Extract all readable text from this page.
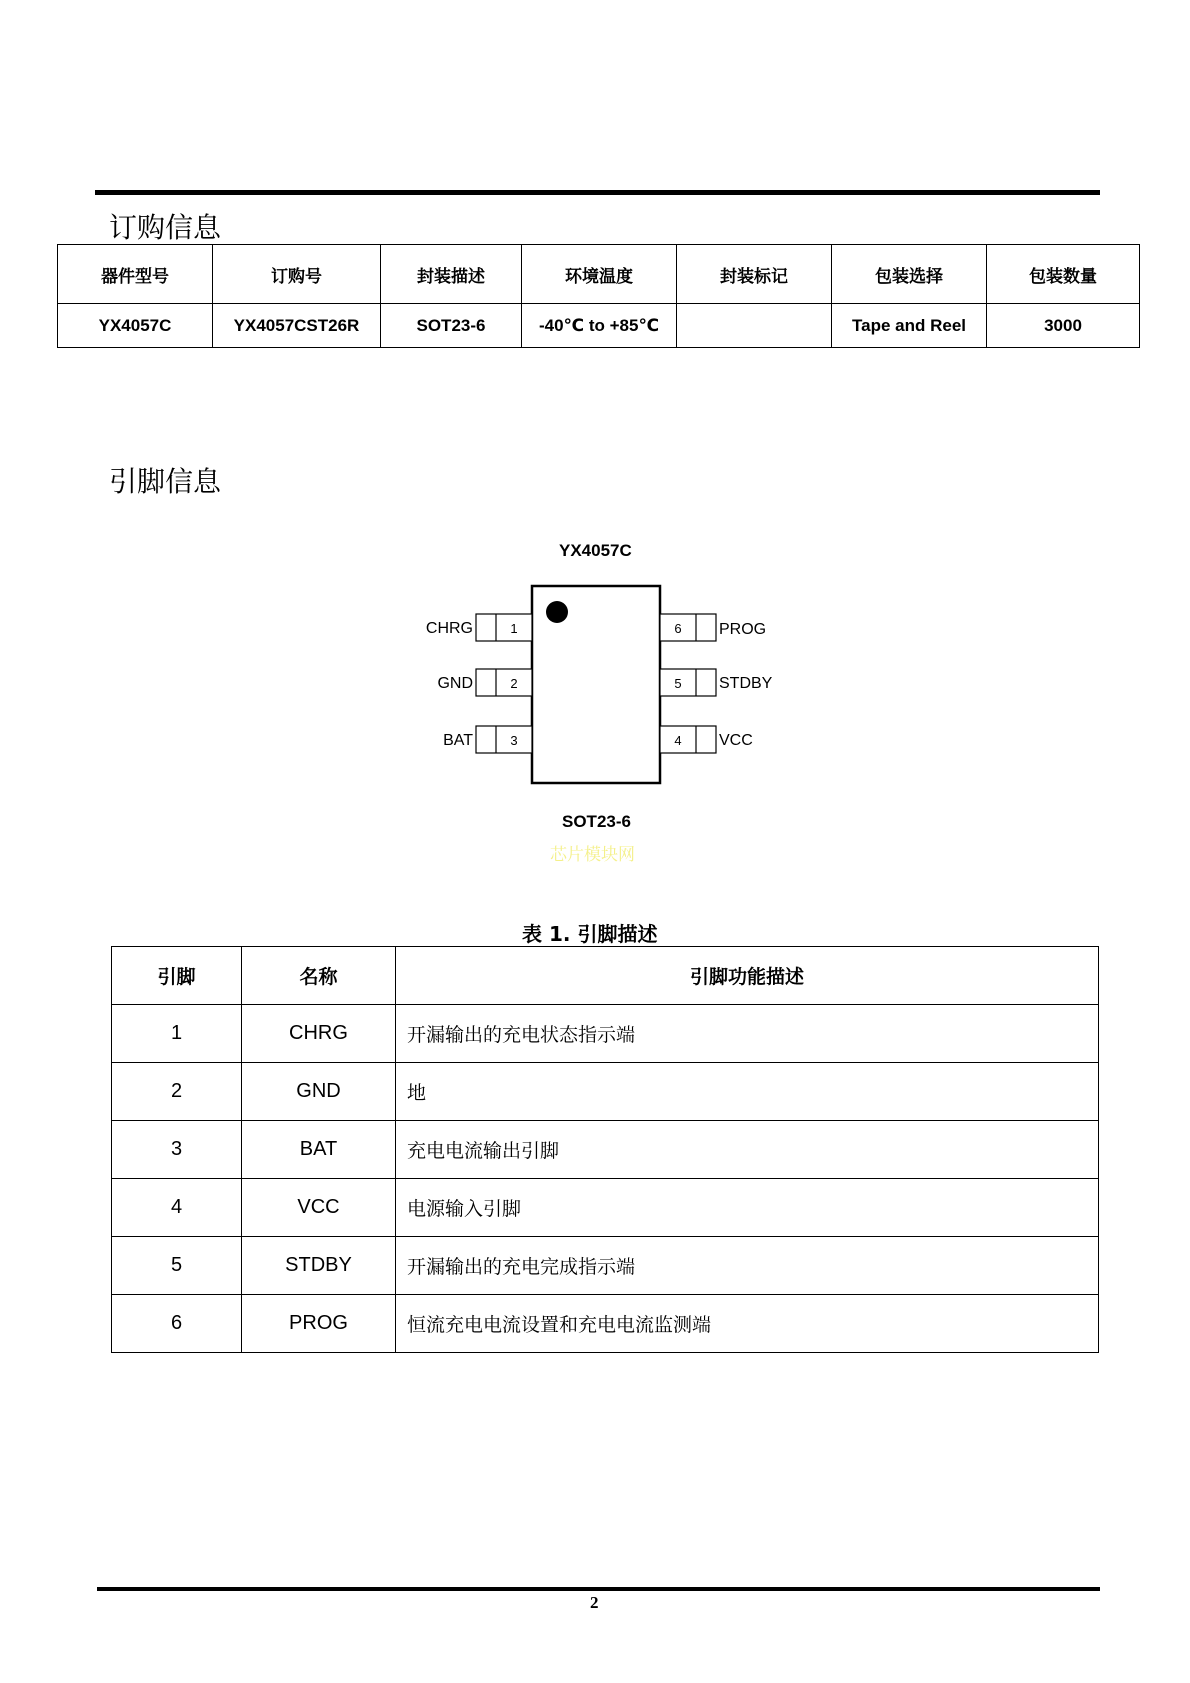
订购信息
器件型号	订购号	封装描述	环境温度	封装标记	包装选择	包装数量
YX4057C	YX4057CST26R	SOT23-6	-40℃ to +85℃		Tape and Reel	3000
引脚信息
YX4057C
1
CHRG
2
GND
3
BAT
6 PROG
5 STDBY
4 VCC
SOT23-6
芯片模块网
表 1. 引脚描述
引脚	名称	引脚功能描述
1	CHRG	开漏输出的充电状态指示端
2	GND	地
3	BAT	充电电流输出引脚
4	VCC	电源输入引脚
5	STDBY	开漏输出的充电完成指示端
6	PROG	恒流充电电流设置和充电电流监测端
2
